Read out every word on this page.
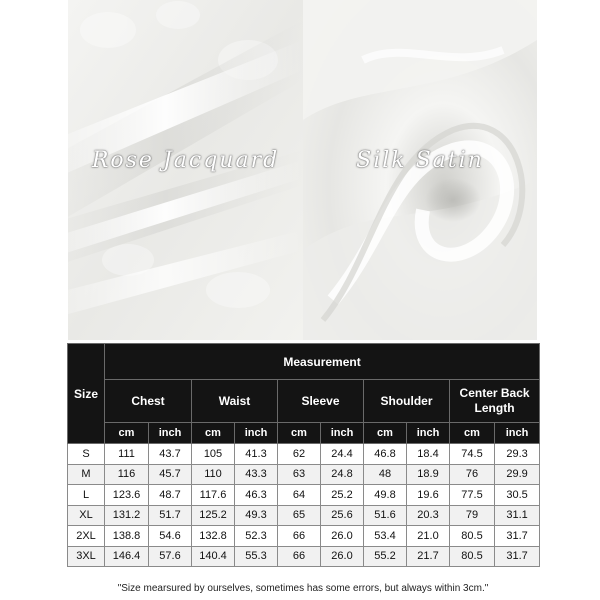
Rose Jacquard	Silk Satin
Size	Measurement									
	Chest		Waist		Sleeve		Shoulder		Center Back Length	
	cm	inch	cm	inch	cm	inch	cm	inch	cm	inch
S	111	43.7	105	41.3	62	24.4	46.8	18.4	74.5	29.3
M	116	45.7	110	43.3	63	24.8	48	18.9	76	29.9
L	123.6	48.7	117.6	46.3	64	25.2	49.8	19.6	77.5	30.5
XL	131.2	51.7	125.2	49.3	65	25.6	51.6	20.3	79	31.1
2XL	138.8	54.6	132.8	52.3	66	26.0	53.4	21.0	80.5	31.7
3XL	146.4	57.6	140.4	55.3	66	26.0	55.2	21.7	80.5	31.7
"Size mearsured by ourselves, sometimes has some errors, but always within 3cm."
